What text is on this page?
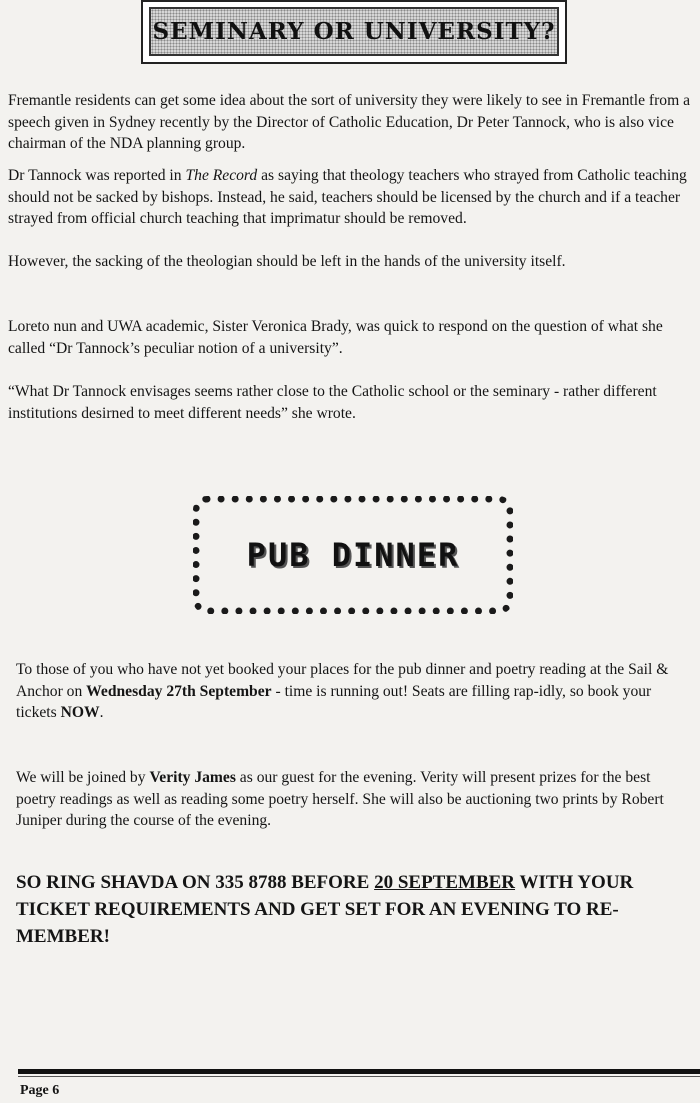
SEMINARY OR UNIVERSITY?
Fremantle residents can get some idea about the sort of university they were likely to see in Fremantle from a speech given in Sydney recently by the Director of Catholic Education, Dr Peter Tannock, who is also vice chairman of the NDA planning group.
Dr Tannock was reported in The Record as saying that theology teachers who strayed from Catholic teaching should not be sacked by bishops. Instead, he said, teachers should be licensed by the church and if a teacher strayed from official church teaching that imprimatur should be removed.
However, the sacking of the theologian should be left in the hands of the university itself.
Loreto nun and UWA academic, Sister Veronica Brady, was quick to respond on the question of what she called “Dr Tannock’s peculiar notion of a university”.
“What Dr Tannock envisages seems rather close to the Catholic school or the seminary - rather different institutions desirned to meet different needs” she wrote.
PUB DINNER
To those of you who have not yet booked your places for the pub dinner and poetry reading at the Sail & Anchor on Wednesday 27th September - time is running out! Seats are filling rap-idly, so book your tickets NOW.
We will be joined by Verity James as our guest for the evening. Verity will present prizes for the best poetry readings as well as reading some poetry herself. She will also be auctioning two prints by Robert Juniper during the course of the evening.
SO RING SHAVDA ON 335 8788 BEFORE 20 SEPTEMBER WITH YOUR TICKET REQUIREMENTS AND GET SET FOR AN EVENING TO RE-MEMBER!
Page 6
